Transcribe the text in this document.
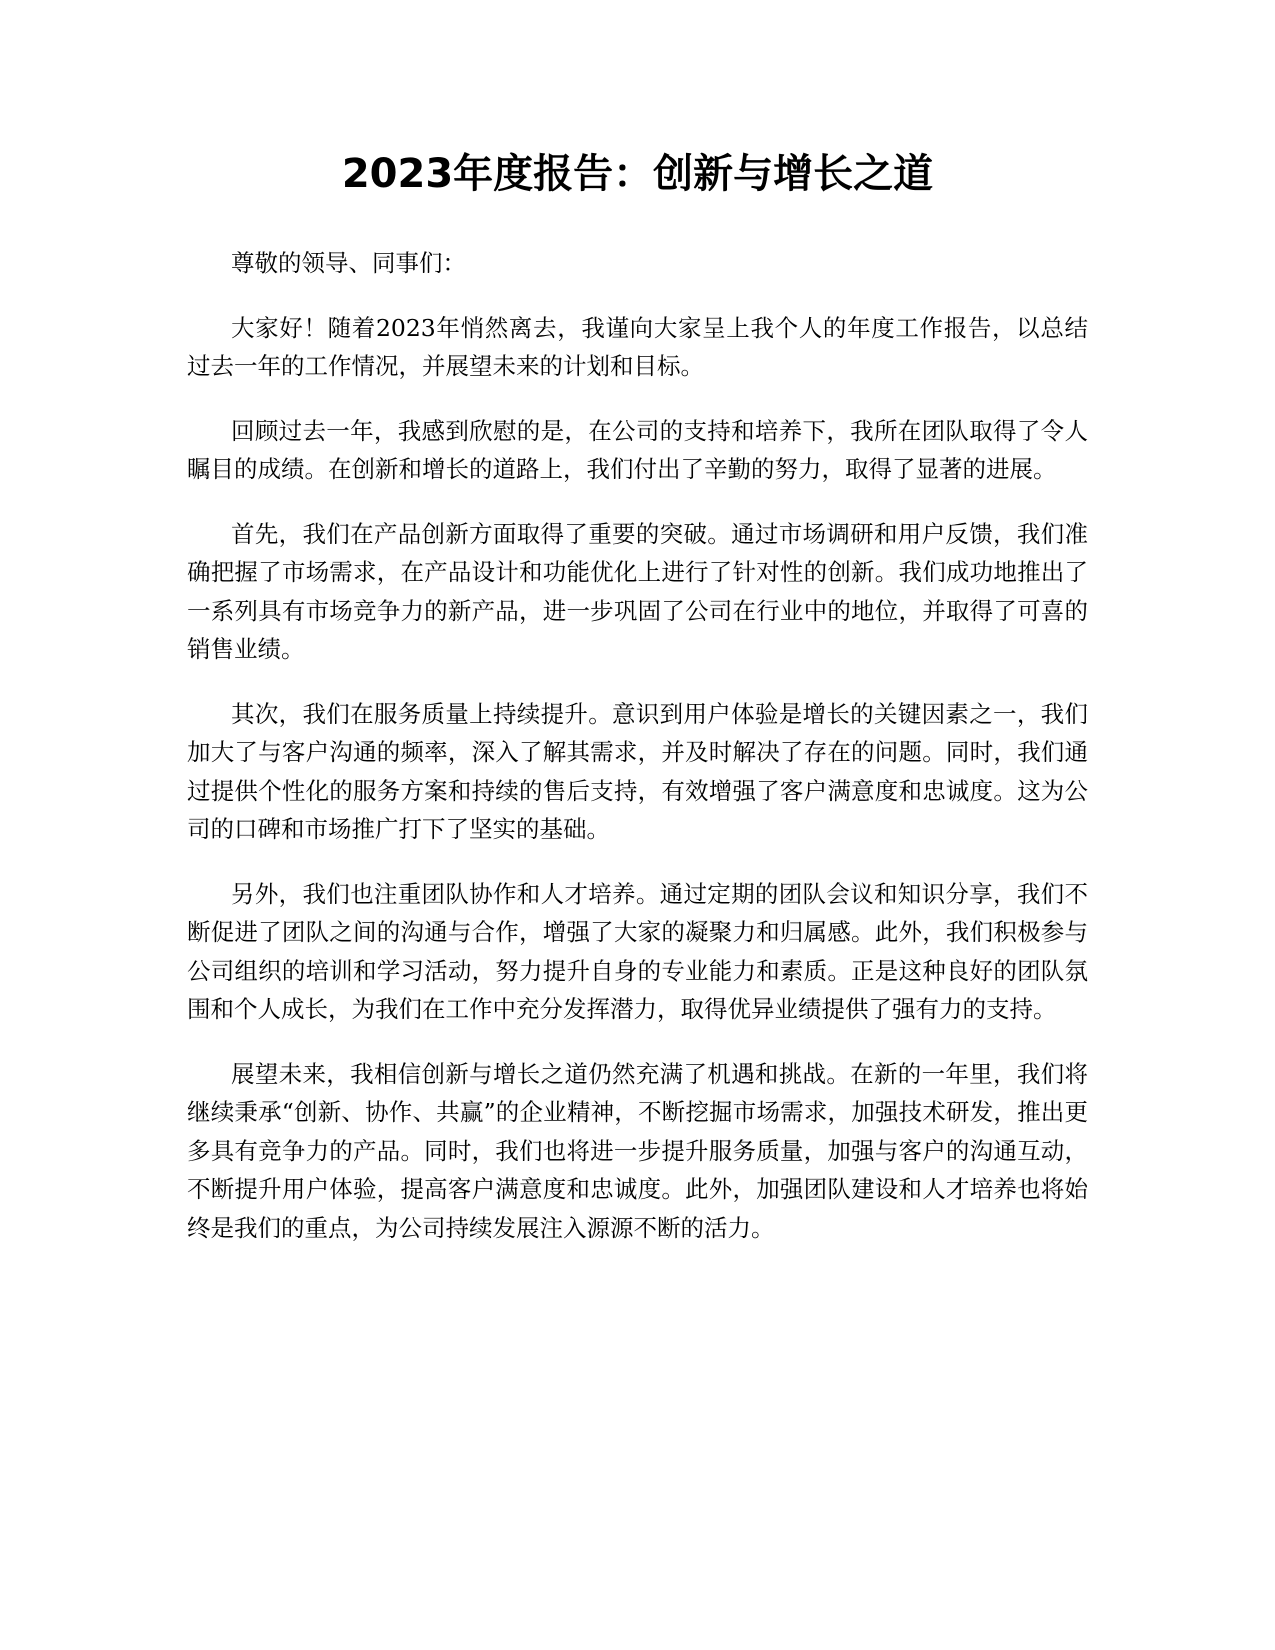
2023年度报告：创新与增长之道

尊敬的领导、同事们：

大家好！随着2023年悄然离去，我谨向大家呈上我个人的年度工作报告，以总结过去一年的工作情况，并展望未来的计划和目标。

回顾过去一年，我感到欣慰的是，在公司的支持和培养下，我所在团队取得了令人瞩目的成绩。在创新和增长的道路上，我们付出了辛勤的努力，取得了显著的进展。

首先，我们在产品创新方面取得了重要的突破。通过市场调研和用户反馈，我们准确把握了市场需求，在产品设计和功能优化上进行了针对性的创新。我们成功地推出了一系列具有市场竞争力的新产品，进一步巩固了公司在行业中的地位，并取得了可喜的销售业绩。

其次，我们在服务质量上持续提升。意识到用户体验是增长的关键因素之一，我们加大了与客户沟通的频率，深入了解其需求，并及时解决了存在的问题。同时，我们通过提供个性化的服务方案和持续的售后支持，有效增强了客户满意度和忠诚度。这为公司的口碑和市场推广打下了坚实的基础。

另外，我们也注重团队协作和人才培养。通过定期的团队会议和知识分享，我们不断促进了团队之间的沟通与合作，增强了大家的凝聚力和归属感。此外，我们积极参与公司组织的培训和学习活动，努力提升自身的专业能力和素质。正是这种良好的团队氛围和个人成长，为我们在工作中充分发挥潜力，取得优异业绩提供了强有力的支持。

展望未来，我相信创新与增长之道仍然充满了机遇和挑战。在新的一年里，我们将继续秉承“创新、协作、共赢”的企业精神，不断挖掘市场需求，加强技术研发，推出更多具有竞争力的产品。同时，我们也将进一步提升服务质量，加强与客户的沟通互动，不断提升用户体验，提高客户满意度和忠诚度。此外，加强团队建设和人才培养也将始终是我们的重点，为公司持续发展注入源源不断的活力。
